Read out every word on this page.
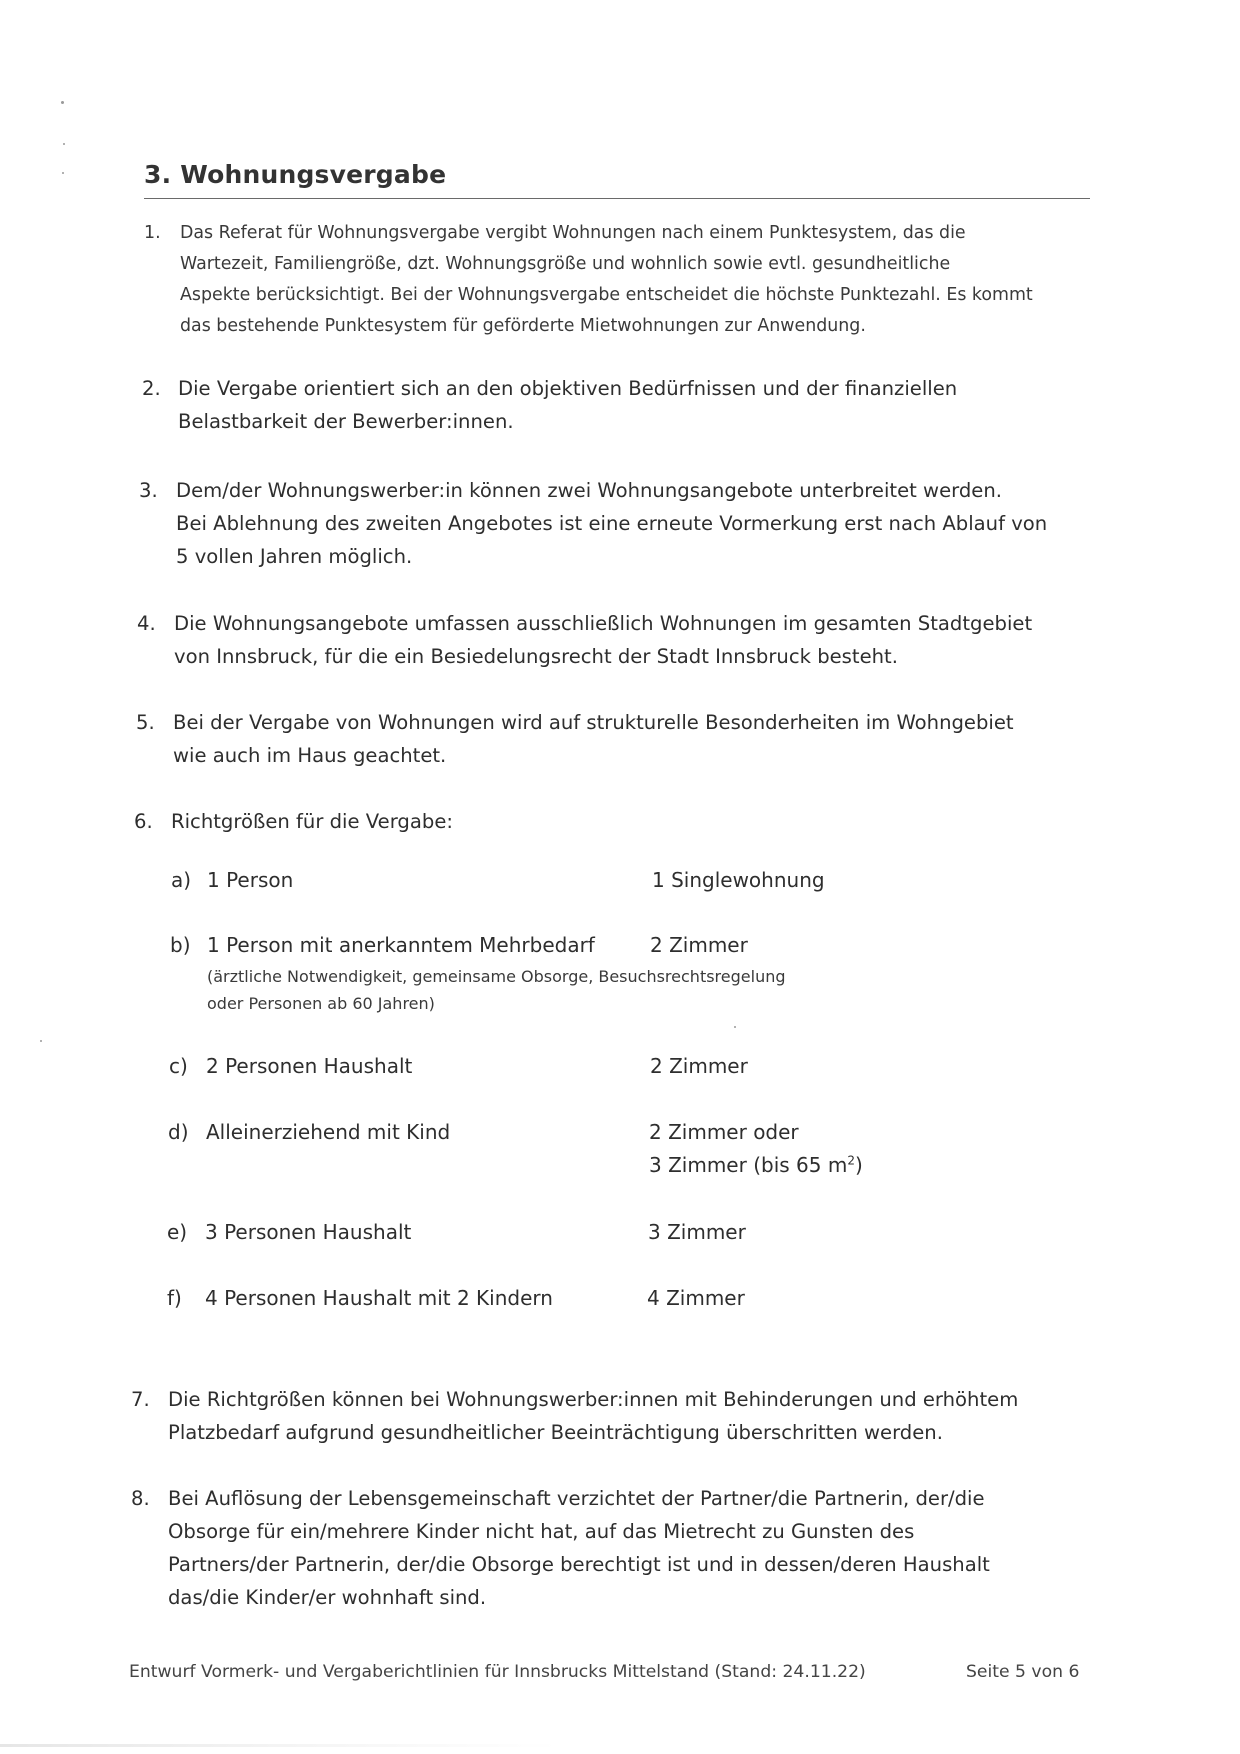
3. Wohnungsvergabe
1. Das Referat für Wohnungsvergabe vergibt Wohnungen nach einem Punktesystem, das die
Wartezeit, Familiengröße, dzt. Wohnungsgröße und wohnlich sowie evtl. gesundheitliche
Aspekte berücksichtigt. Bei der Wohnungsvergabe entscheidet die höchste Punktezahl. Es kommt
das bestehende Punktesystem für geförderte Mietwohnungen zur Anwendung.
2. Die Vergabe orientiert sich an den objektiven Bedürfnissen und der finanziellen
Belastbarkeit der Bewerber:innen.
3. Dem/der Wohnungswerber:in können zwei Wohnungsangebote unterbreitet werden.
Bei Ablehnung des zweiten Angebotes ist eine erneute Vormerkung erst nach Ablauf von
5 vollen Jahren möglich.
4. Die Wohnungsangebote umfassen ausschließlich Wohnungen im gesamten Stadtgebiet
von Innsbruck, für die ein Besiedelungsrecht der Stadt Innsbruck besteht.
5. Bei der Vergabe von Wohnungen wird auf strukturelle Besonderheiten im Wohngebiet
wie auch im Haus geachtet.
6. Richtgrößen für die Vergabe:
a) 1 Person	1 Singlewohnung
b) 1 Person mit anerkanntem Mehrbedarf	2 Zimmer
(ärztliche Notwendigkeit, gemeinsame Obsorge, Besuchsrechtsregelung
oder Personen ab 60 Jahren)
c) 2 Personen Haushalt	2 Zimmer
d) Alleinerziehend mit Kind	2 Zimmer oder
3 Zimmer (bis 65 $m^2$)
e) 3 Personen Haushalt	3 Zimmer
f) 4 Personen Haushalt mit 2 Kindern	4 Zimmer
7. Die Richtgrößen können bei Wohnungswerber:innen mit Behinderungen und erhöhtem
Platzbedarf aufgrund gesundheitlicher Beeinträchtigung überschritten werden.
8. Bei Auflösung der Lebensgemeinschaft verzichtet der Partner/die Partnerin, der/die
Obsorge für ein/mehrere Kinder nicht hat, auf das Mietrecht zu Gunsten des
Partners/der Partnerin, der/die Obsorge berechtigt ist und in dessen/deren Haushalt
das/die Kinder/er wohnhaft sind.
Entwurf Vormerk- und Vergaberichtlinien für Innsbrucks Mittelstand (Stand: 24.11.22)	Seite 5 von 6
